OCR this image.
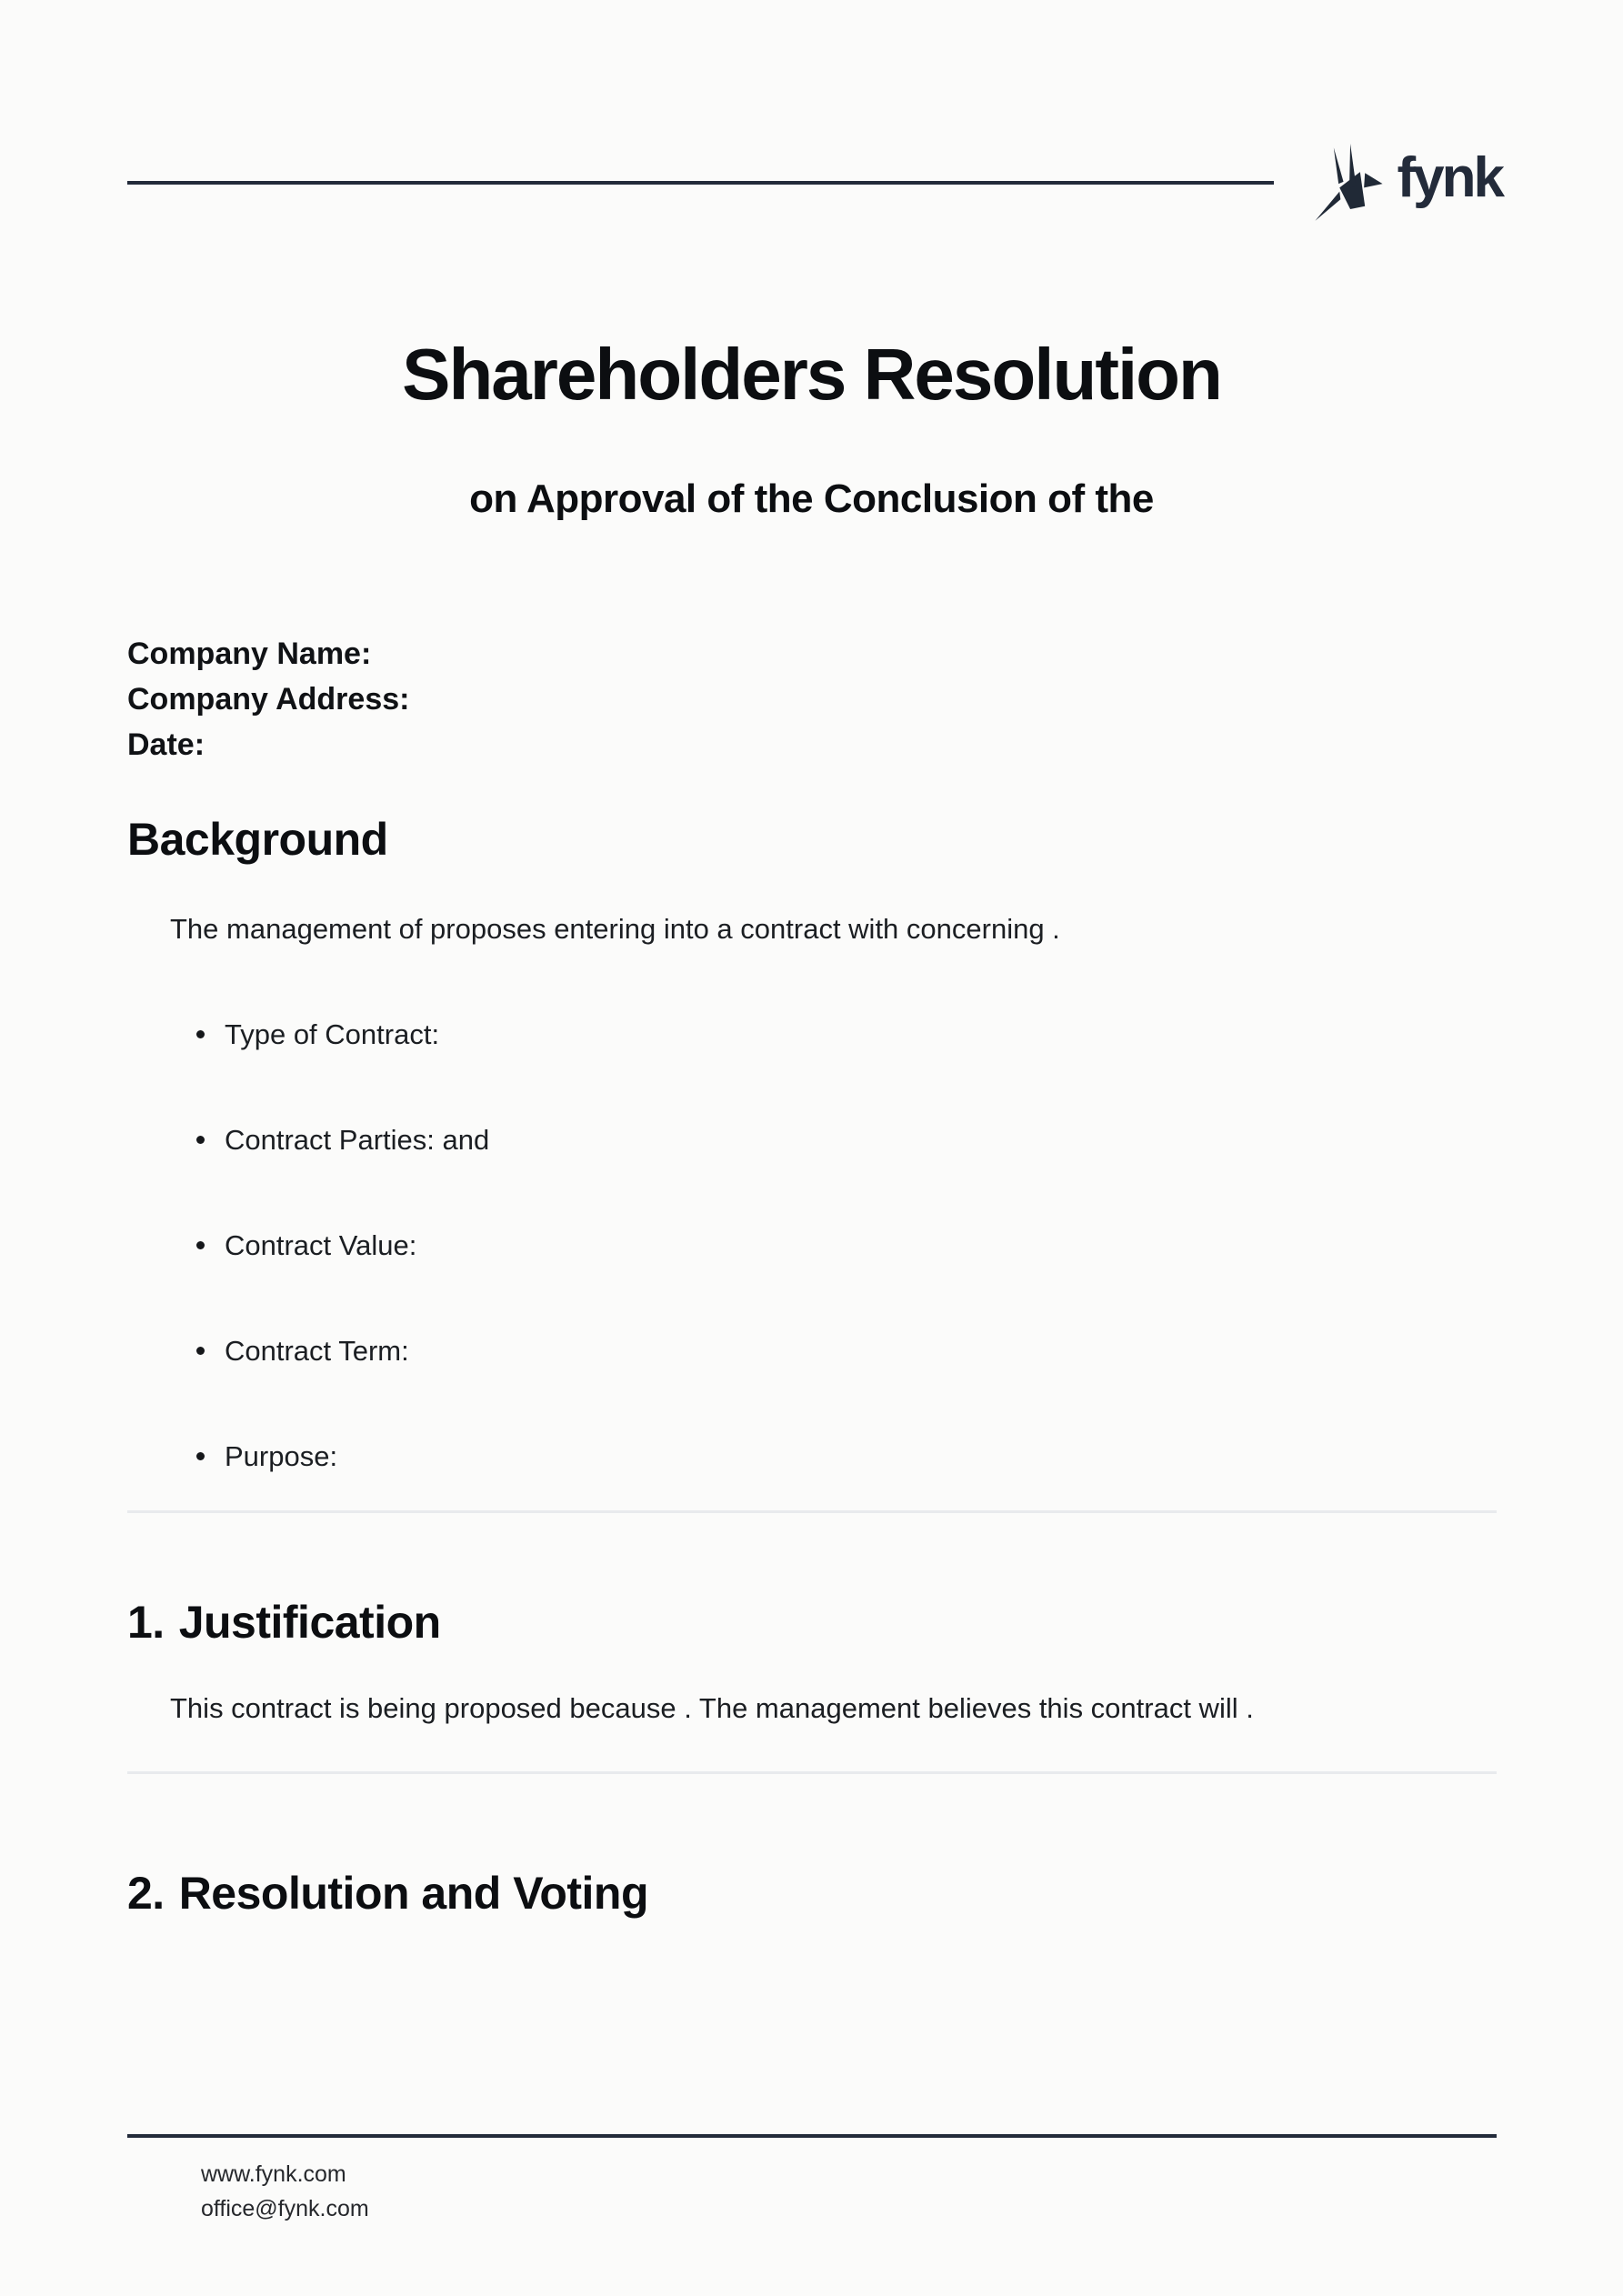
fynk
Shareholders Resolution
on Approval of the Conclusion of the
Company Name:
Company Address:
Date:
Background

The management of proposes entering into a contract with concerning .

Type of Contract:
Contract Parties: and
Contract Value:
Contract Term:
Purpose:
1. Justification

This contract is being proposed because . The management believes this contract will .

2. Resolution and Voting
www.fynk.com
office@fynk.com
